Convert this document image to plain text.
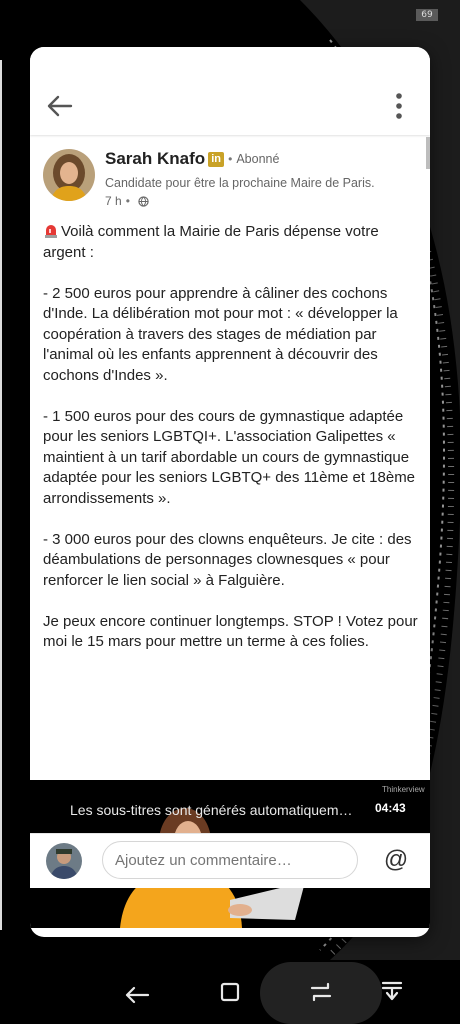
69
Sarah Knafo in • Abonné
Candidate pour être la prochaine Maire de Paris.
7 h •

Voilà comment la Mairie de Paris dépense votre argent :

- 2 500 euros pour apprendre à câliner des cochons d'Inde. La délibération mot pour mot : « développer la coopération à travers des stages de médiation par l'animal où les enfants apprennent à découvrir des cochons d'Indes ».

- 1 500 euros pour des cours de gymnastique adaptée pour les seniors LGBTQI+. L'association Galipettes « maintient à un tarif abordable un cours de gymnastique adaptée pour les seniors LGBTQ+ des 11ème et 18ème arrondissements ».

- 3 000 euros pour des clowns enquêteurs. Je cite : des déambulations de personnages clownesques « pour renforcer le lien social » à Falguière.

Je peux encore continuer longtemps. STOP ! Votez pour moi le 15 mars pour mettre un terme à ces folies.

Thinkerview
Les sous-titres sont générés automatiquem… 04:43
Ajoutez un commentaire…
@
